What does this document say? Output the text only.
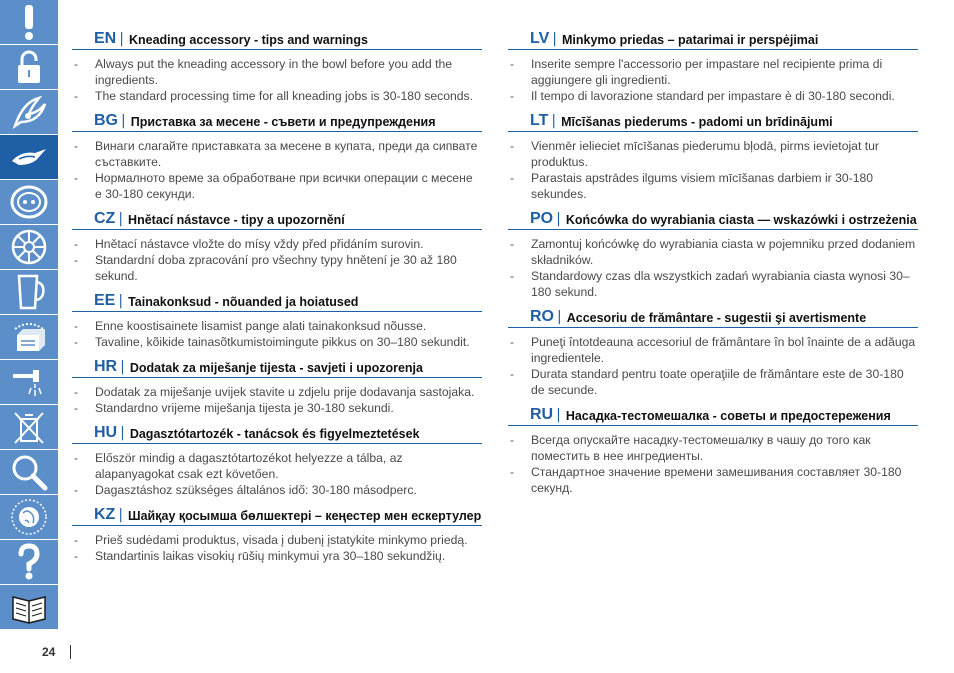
EN | Kneading accessory - tips and warnings
- Always put the kneading accessory in the bowl before you add the ingredients.
- The standard processing time for all kneading jobs is 30-180 seconds.
BG | Приставка за месене - съвети и предупреждения
- Винаги слагайте приставката за месене в купата, преди да сипвате съставките.
- Нормалното време за обработване при всички операции с месене е 30-180 секунди.
CZ | Hnětací nástavce - tipy a upozornění
- Hnětací nástavce vložte do mísy vždy před přidáním surovin.
- Standardní doba zpracování pro všechny typy hnětení je 30 až 180 sekund.
EE | Tainakonksud - nõuanded ja hoiatused
- Enne koostisainete lisamist pange alati tainakonksud nõusse.
- Tavaline, kõikide tainasõtkumistoimingute pikkus on 30–180 sekundit.
HR | Dodatak za miješanje tijesta - savjeti i upozorenja
- Dodatak za miješanje uvijek stavite u zdjelu prije dodavanja sastojaka.
- Standardno vrijeme miješanja tijesta je 30-180 sekundi.
HU | Dagasztótartozék - tanácsok és figyelmeztetések
- Először mindig a dagasztótartozékot helyezze a tálba, az alapanyagokat csak ezt követően.
- Dagasztáshoz szükséges általános idő: 30-180 másodperc.
KZ | Шайқау қосымша бөлшектері – кеңестер мен ескертулер
- Prieš sudėdami produktus, visada į dubenį įstatykite minkymo priedą.
- Standartinis laikas visokių rūšių minkymui yra 30–180 sekundžių.
LV | Minkymo priedas – patarimai ir perspėjimai
- Inserite sempre l'accessorio per impastare nel recipiente prima di aggiungere gli ingredienti.
- Il tempo di lavorazione standard per impastare è di 30-180 secondi.
LT | Mīcīšanas piederums - padomi un brīdinājumi
- Vienmēr ielieciet mīcīšanas piederumu bļodā, pirms ievietojat tur produktus.
- Parastais apstrādes ilgums visiem mīcīšanas darbiem ir 30-180 sekundes.
PO | Końcówka do wyrabiania ciasta — wskazówki i ostrzeżenia
- Zamontuj końcówkę do wyrabiania ciasta w pojemniku przed dodaniem składników.
- Standardowy czas dla wszystkich zadań wyrabiania ciasta wynosi 30–180 sekund.
RO | Accesoriu de frământare - sugestii şi avertismente
- Puneţi întotdeauna accesoriul de frământare în bol înainte de a adăuga ingredientele.
- Durata standard pentru toate operaţiile de frământare este de 30-180 de secunde.
RU | Насадка-тестомешалка - советы и предостережения
- Всегда опускайте насадку-тестомешалку в чашу до того как поместить в нее ингредиенты.
- Стандартное значение времени замешивания составляет 30-180 секунд.
24
